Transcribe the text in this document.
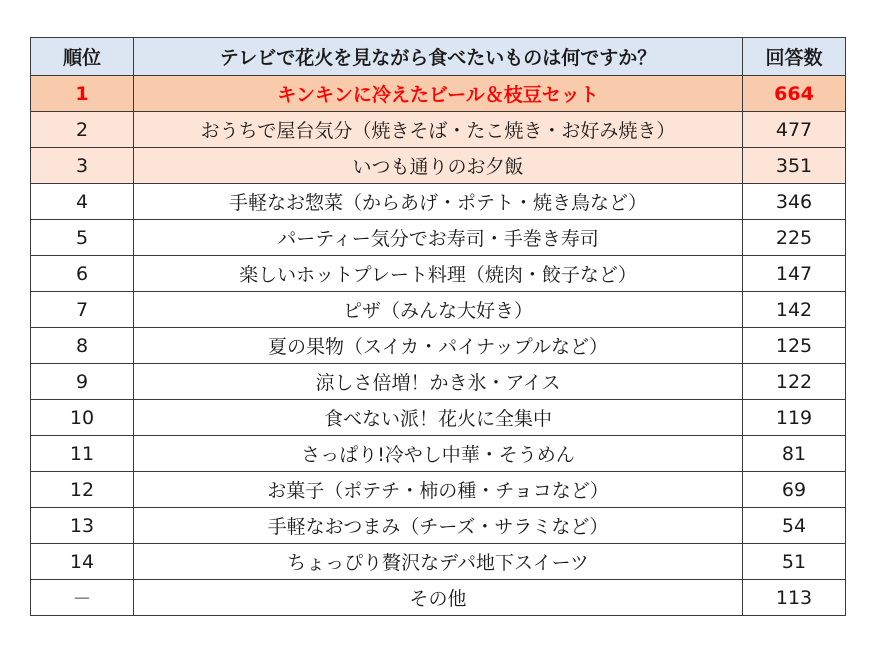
順位	テレビで花火を見ながら食べたいものは何ですか？	回答数
1	キンキンに冷えたビール＆枝豆セット	664
2	おうちで屋台気分（焼きそば・たこ焼き・お好み焼き）	477
3	いつも通りのお夕飯	351
4	手軽なお惣菜（からあげ・ポテト・焼き鳥など）	346
5	パーティー気分でお寿司・手巻き寿司	225
6	楽しいホットプレート料理（焼肉・餃子など）	147
7	ピザ（みんな大好き）	142
8	夏の果物（スイカ・パイナップルなど）	125
9	涼しさ倍増！かき氷・アイス	122
10	食べない派！花火に全集中	119
11	さっぱり!冷やし中華・そうめん	81
12	お菓子（ポテチ・柿の種・チョコなど）	69
13	手軽なおつまみ（チーズ・サラミなど）	54
14	ちょっぴり贅沢なデパ地下スイーツ	51
－	その他	113
